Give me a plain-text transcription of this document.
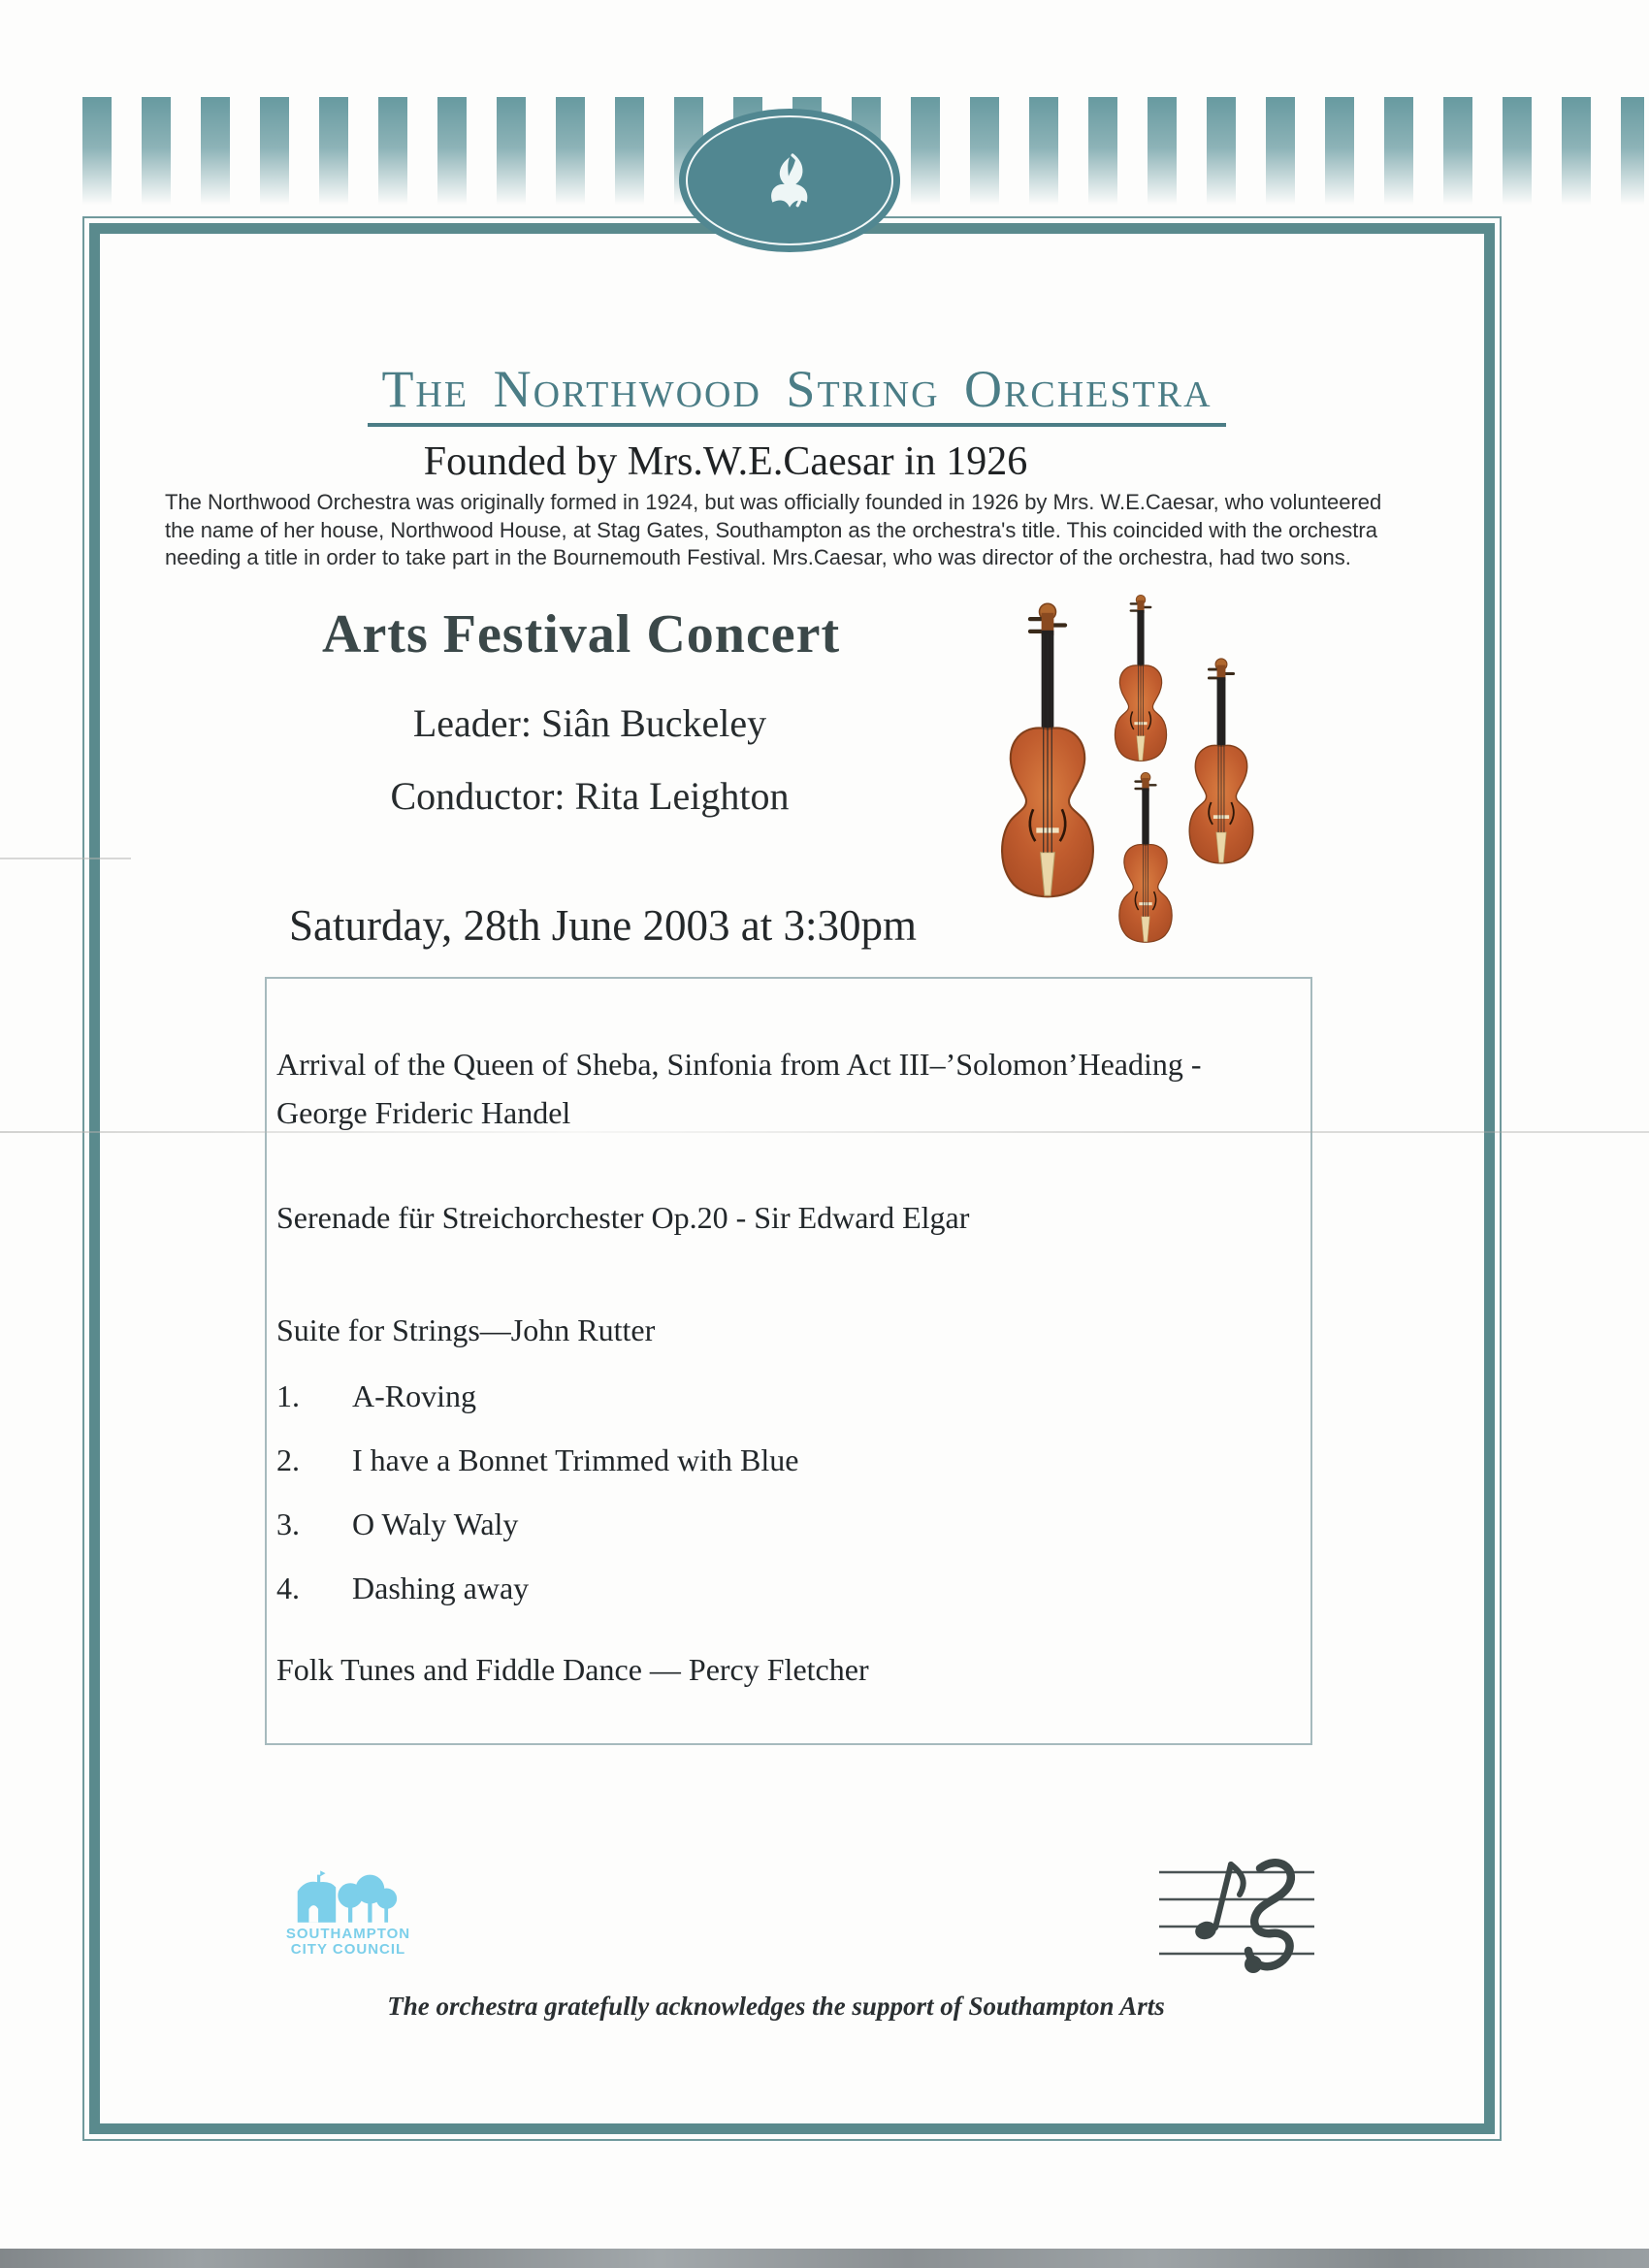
The Northwood String Orchestra
Founded by Mrs.W.E.Caesar in 1926
The Northwood Orchestra was originally formed in 1924, but was officially founded in 1926 by Mrs. W.E.Caesar, who volunteered
the name of her house, Northwood House, at Stag Gates, Southampton as the orchestra's title. This coincided with the orchestra
needing a title in order to take part in the Bournemouth Festival. Mrs.Caesar, who was director of the orchestra, had two sons.
Arts Festival Concert
Leader: Siân Buckeley
Conductor: Rita Leighton
Saturday, 28th June 2003 at 3:30pm
Arrival of the Queen of Sheba, Sinfonia from Act III–’Solomon’Heading -
George Frideric Handel
Serenade für Streichorchester Op.20 - Sir Edward Elgar
Suite for Strings—John Rutter
1. A-Roving
2. I have a Bonnet Trimmed with Blue
3. O Waly Waly
4. Dashing away
Folk Tunes and Fiddle Dance — Percy Fletcher
SOUTHAMPTON
CITY COUNCIL
The orchestra gratefully acknowledges the support of Southampton Arts
